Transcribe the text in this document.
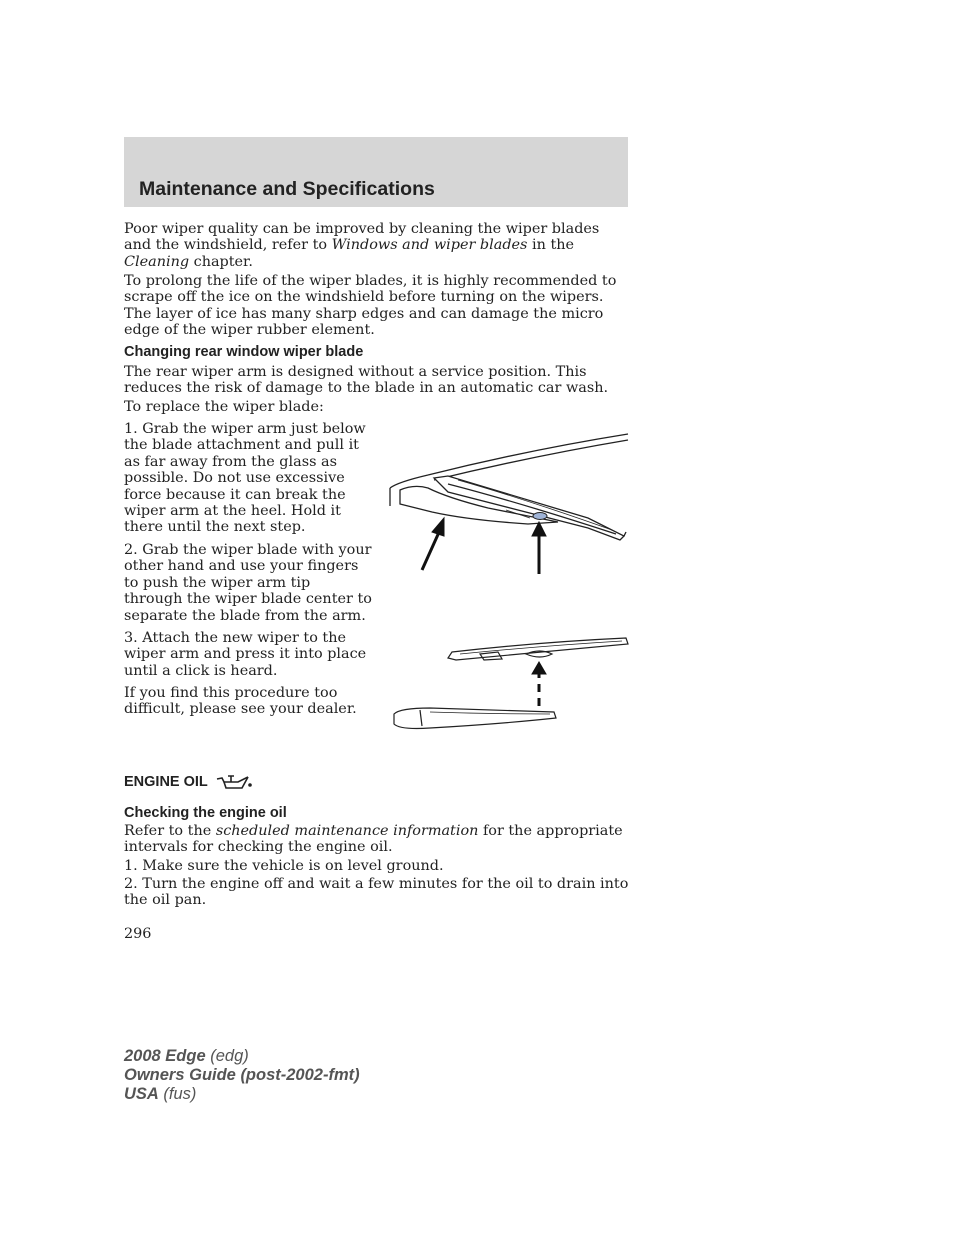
Maintenance and Specifications

Poor wiper quality can be improved by cleaning the wiper blades and the windshield, refer to Windows and wiper blades in the Cleaning chapter.

To prolong the life of the wiper blades, it is highly recommended to scrape off the ice on the windshield before turning on the wipers. The layer of ice has many sharp edges and can damage the micro edge of the wiper rubber element.

Changing rear window wiper blade

The rear wiper arm is designed without a service position. This reduces the risk of damage to the blade in an automatic car wash.

To replace the wiper blade:

1. Grab the wiper arm just below the blade attachment and pull it as far away from the glass as possible. Do not use excessive force because it can break the wiper arm at the heel. Hold it there until the next step.

2. Grab the wiper blade with your other hand and use your fingers to push the wiper arm tip through the wiper blade center to separate the blade from the arm.

3. Attach the new wiper to the wiper arm and press it into place until a click is heard.

If you find this procedure too difficult, please see your dealer.

ENGINE OIL

Checking the engine oil

Refer to the scheduled maintenance information for the appropriate intervals for checking the engine oil.

1. Make sure the vehicle is on level ground.

2. Turn the engine off and wait a few minutes for the oil to drain into the oil pan.

296
2008 Edge (edg)
Owners Guide (post-2002-fmt)
USA (fus)
